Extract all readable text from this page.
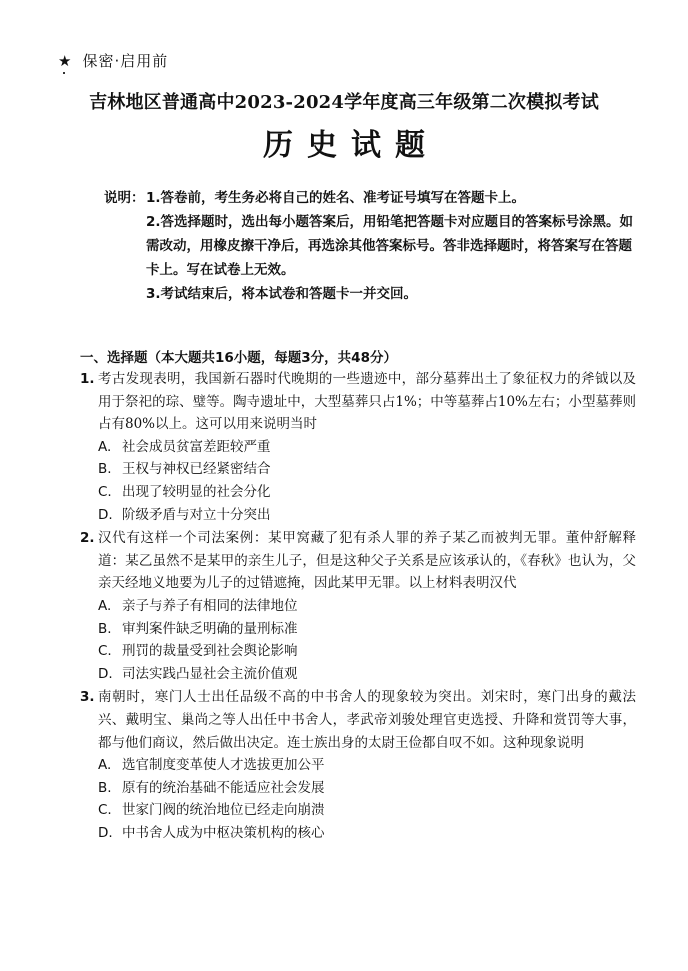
★ 保密·启用前
吉林地区普通高中2023-2024学年度高三年级第二次模拟考试
历史试题
说明： 1.答卷前，考生务必将自己的姓名、准考证号填写在答题卡上。
2.答选择题时，选出每小题答案后，用铅笔把答题卡对应题目的答案标号涂黑。如需改动，用橡皮擦干净后，再选涂其他答案标号。答非选择题时，将答案写在答题卡上。写在试卷上无效。
3.考试结束后，将本试卷和答题卡一并交回。
一、选择题（本大题共16小题，每题3分，共48分）
1. 考古发现表明，我国新石器时代晚期的一些遗迹中，部分墓葬出土了象征权力的斧钺以及用于祭祀的琮、璧等。陶寺遗址中，大型墓葬只占1%；中等墓葬占10%左右；小型墓葬则占有80%以上。这可以用来说明当时
A. 社会成员贫富差距较严重
B. 王权与神权已经紧密结合
C. 出现了较明显的社会分化
D. 阶级矛盾与对立十分突出
2. 汉代有这样一个司法案例：某甲窝藏了犯有杀人罪的养子某乙而被判无罪。董仲舒解释道：某乙虽然不是某甲的亲生儿子，但是这种父子关系是应该承认的，《春秋》也认为，父亲天经地义地要为儿子的过错遮掩，因此某甲无罪。以上材料表明汉代
A. 亲子与养子有相同的法律地位
B. 审判案件缺乏明确的量刑标准
C. 刑罚的裁量受到社会舆论影响
D. 司法实践凸显社会主流价值观
3. 南朝时，寒门人士出任品级不高的中书舍人的现象较为突出。刘宋时，寒门出身的戴法兴、戴明宝、巢尚之等人出任中书舍人，孝武帝刘骏处理官吏选授、升降和赏罚等大事，都与他们商议，然后做出决定。连士族出身的太尉王俭都自叹不如。这种现象说明
A. 选官制度变革使人才选拔更加公平
B. 原有的统治基础不能适应社会发展
C. 世家门阀的统治地位已经走向崩溃
D. 中书舍人成为中枢决策机构的核心
